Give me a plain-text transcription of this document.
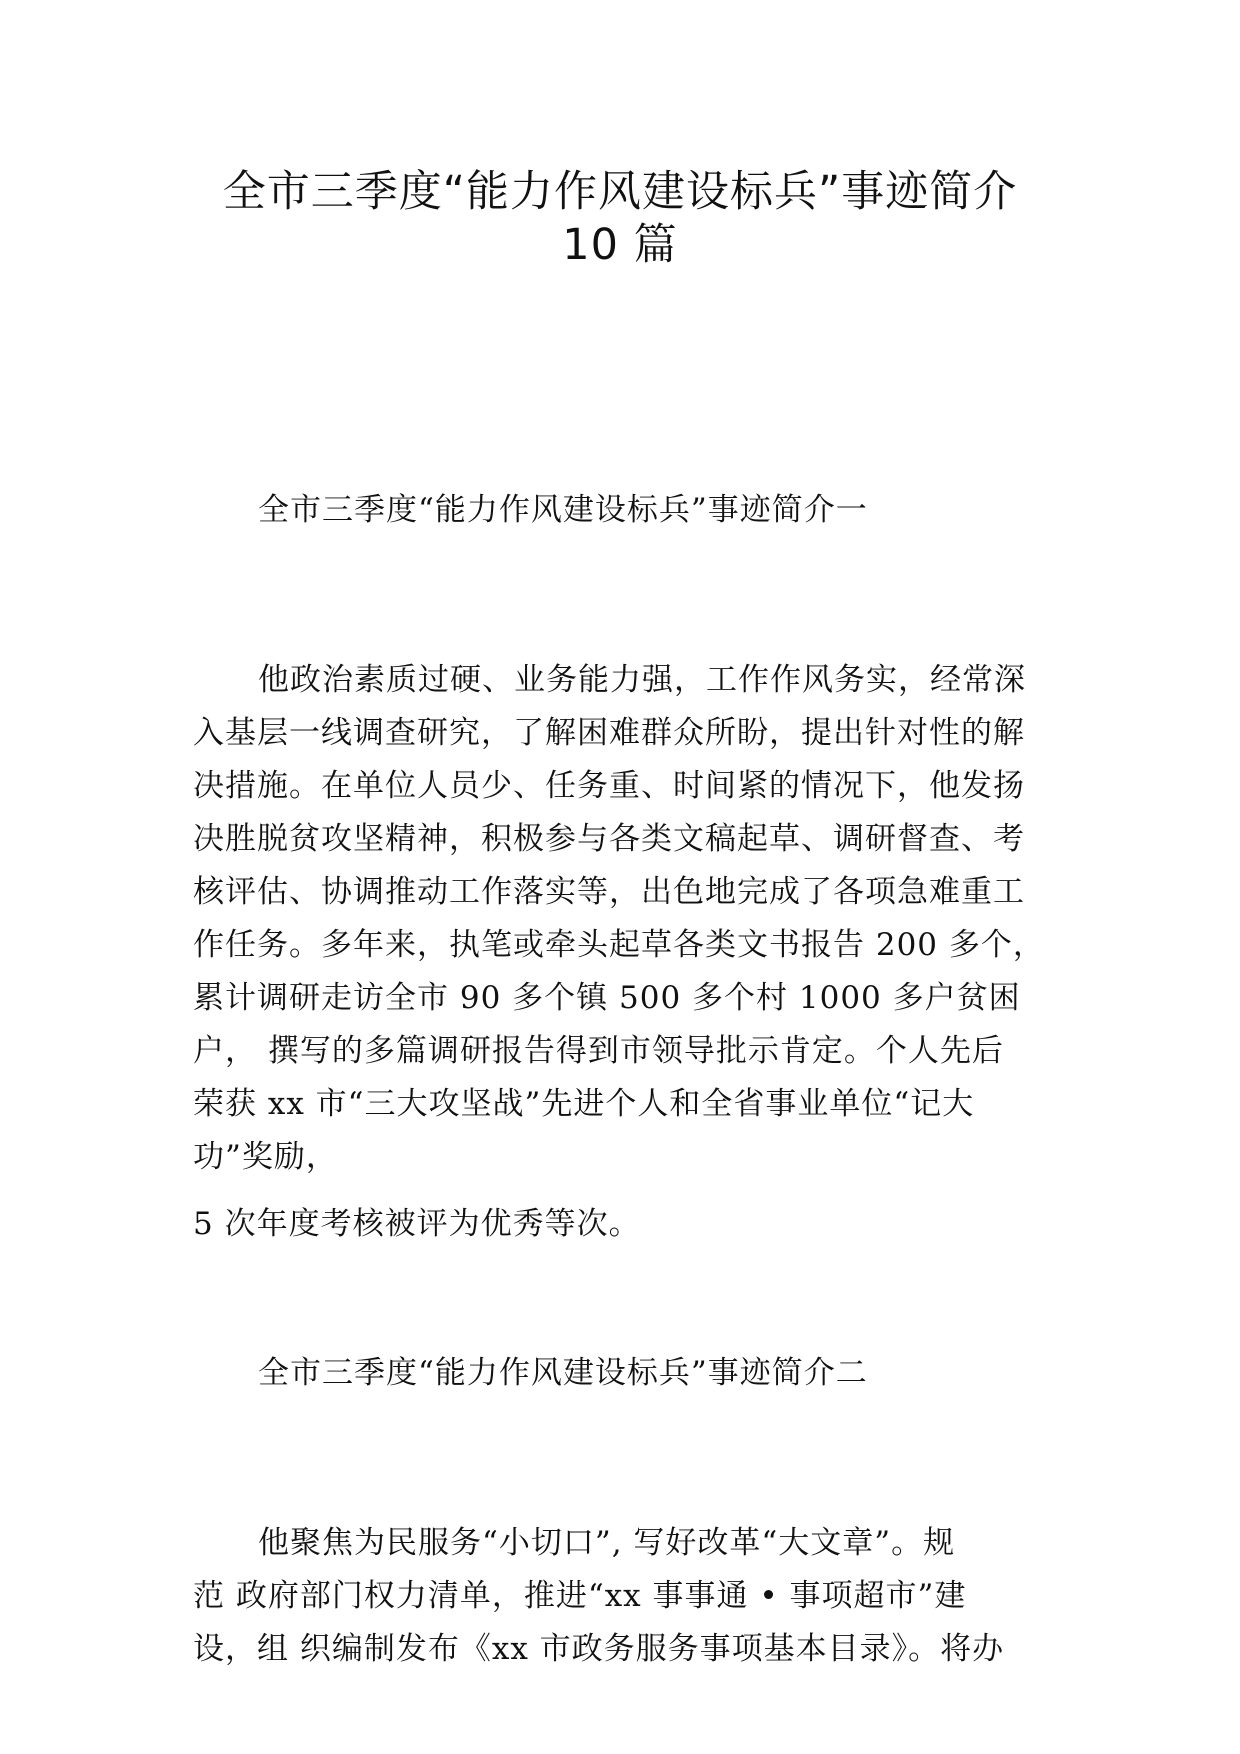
全市三季度“能力作风建设标兵”事迹简介
10 篇
全市三季度“能力作风建设标兵”事迹简介一
他政治素质过硬、业务能力强，工作作风务实，经常深
入基层一线调查研究，了解困难群众所盼，提出针对性的解
决措施。在单位人员少、任务重、时间紧的情况下，他发扬
决胜脱贫攻坚精神，积极参与各类文稿起草、调研督查、考
核评估、协调推动工作落实等，出色地完成了各项急难重工
作任务。多年来，执笔或牵头起草各类文书报告 200 多个，
累计调研走访全市 90 多个镇 500 多个村 1000 多户贫困
户， 撰写的多篇调研报告得到市领导批示肯定。个人先后
荣获 xx 市“三大攻坚战”先进个人和全省事业单位“记大
功”奖励，
5 次年度考核被评为优秀等次。
全市三季度“能力作风建设标兵”事迹简介二
他聚焦为民服务“小切口”, 写好改革“大文章”。规
范 政府部门权力清单，推进“xx 事事通 • 事项超市”建
设，组 织编制发布《xx 市政务服务事项基本目录》。将办
